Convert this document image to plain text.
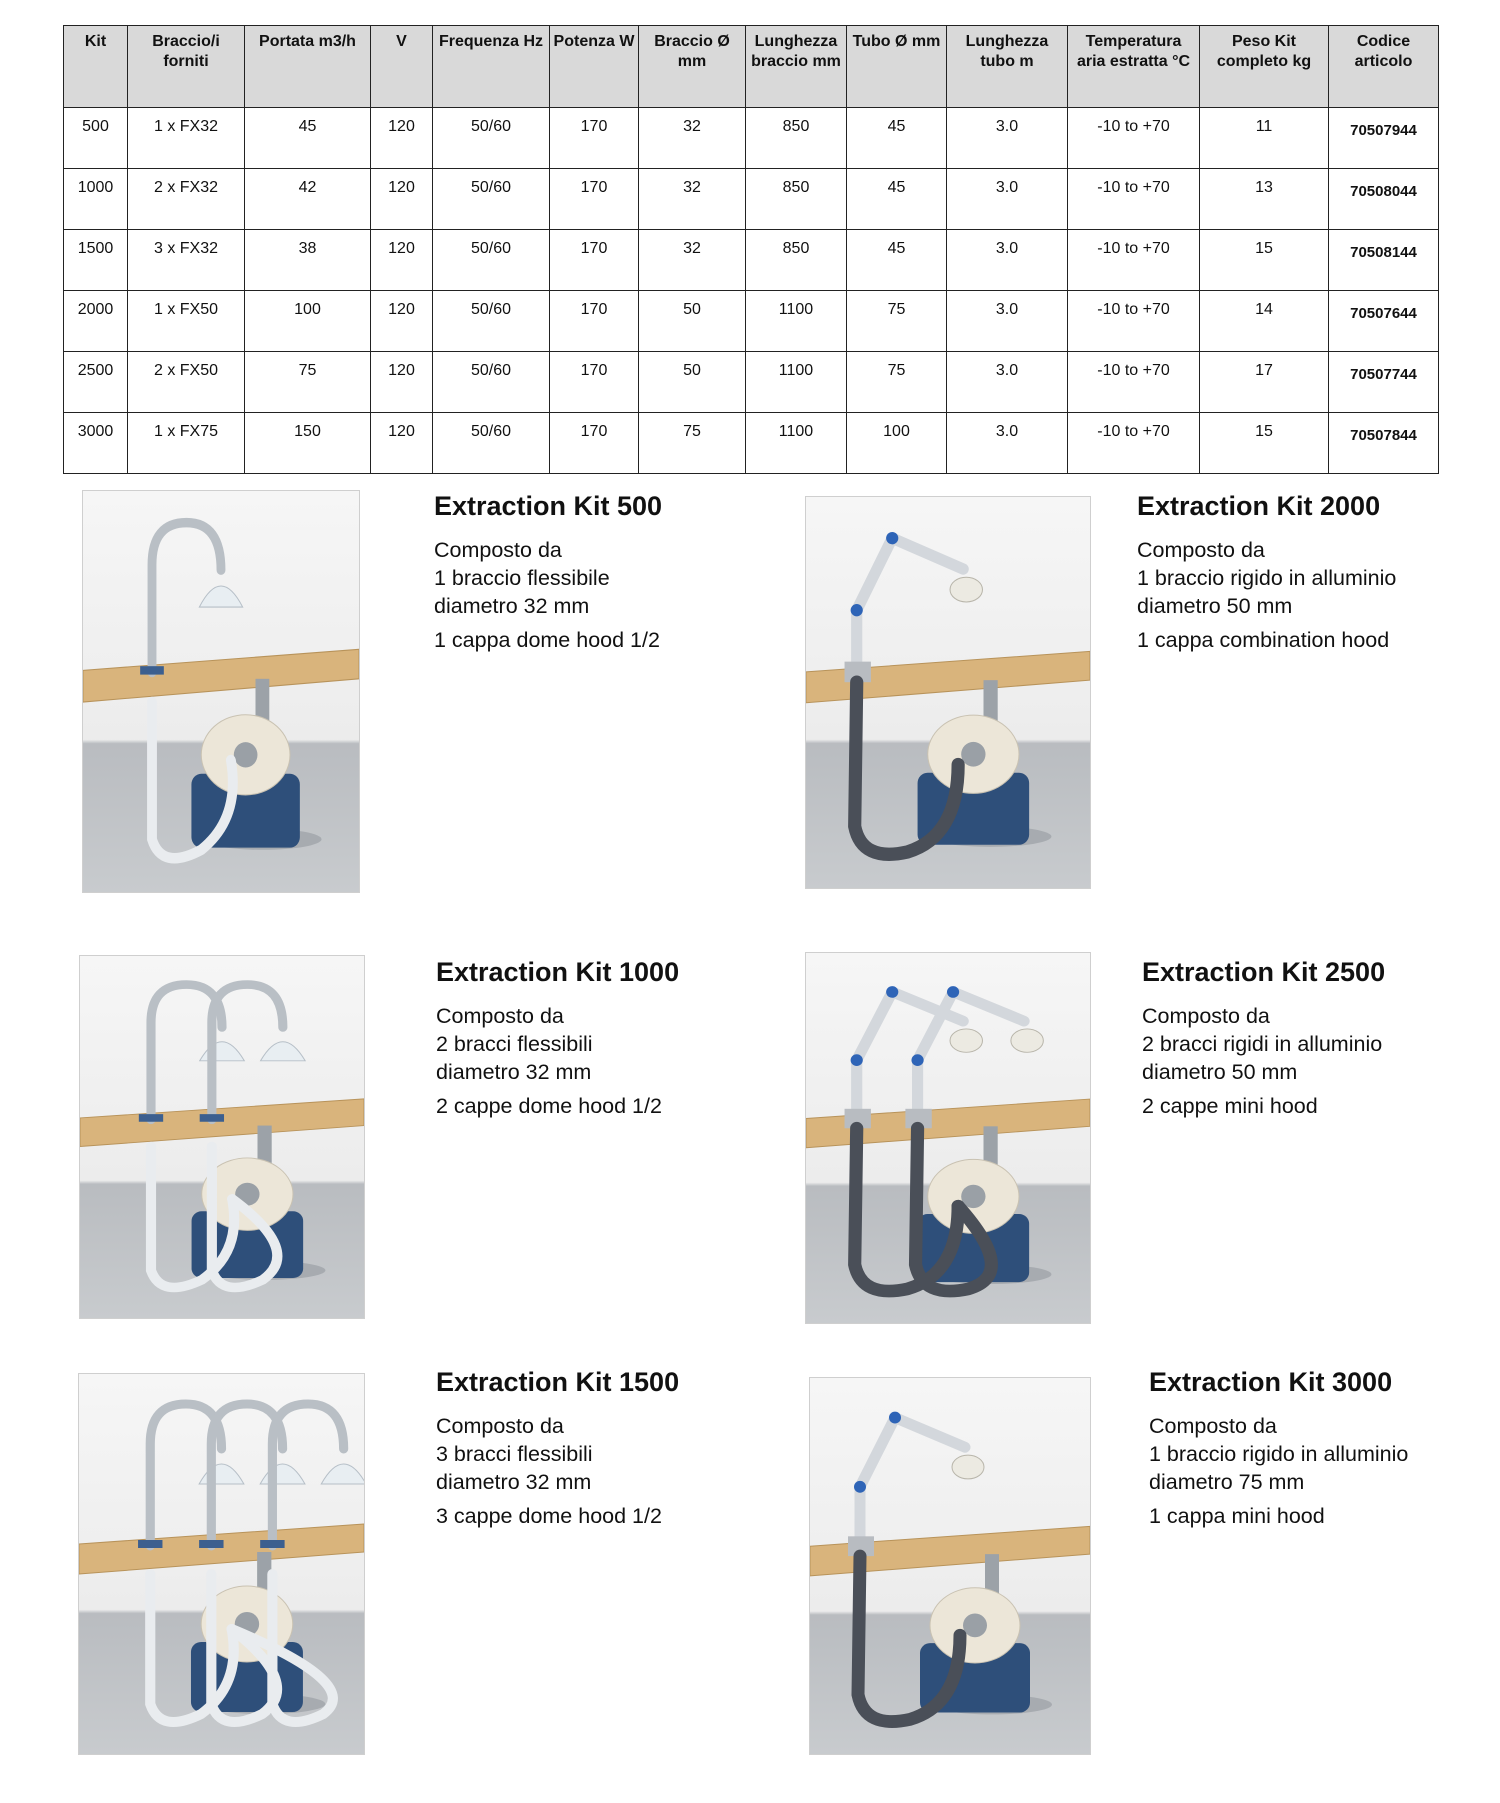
Kit	Braccio/i forniti	Portata m3/h	V	Frequenza Hz	Potenza W	Braccio Ø mm	Lunghezza braccio mm	Tubo Ø mm	Lunghezza tubo m	Temperatura aria estratta °C	Peso Kit completo kg	Codice articolo
500	1 x FX32	45	120	50/60	170	32	850	45	3.0	-10 to +70	11	70507944
1000	2 x FX32	42	120	50/60	170	32	850	45	3.0	-10 to +70	13	70508044
1500	3 x FX32	38	120	50/60	170	32	850	45	3.0	-10 to +70	15	70508144
2000	1 x FX50	100	120	50/60	170	50	1100	75	3.0	-10 to +70	14	70507644
2500	2 x FX50	75	120	50/60	170	50	1100	75	3.0	-10 to +70	17	70507744
3000	1 x FX75	150	120	50/60	170	75	1100	100	3.0	-10 to +70	15	70507844
Extraction Kit 500
Composto da
1 braccio flessibile
diametro 32 mm
1 cappa dome hood 1/2
Extraction Kit 2000
Composto da
1 braccio rigido in alluminio
diametro 50 mm
1 cappa combination hood
Extraction Kit 1000
Composto da
2 bracci flessibili
diametro 32 mm
2 cappe dome hood 1/2
Extraction Kit 2500
Composto da
2 bracci rigidi in alluminio
diametro 50 mm
2 cappe mini hood
Extraction Kit 1500
Composto da
3 bracci flessibili
diametro 32 mm
3 cappe dome hood 1/2
Extraction Kit 3000
Composto da
1 braccio rigido in alluminio
diametro 75 mm
1 cappa mini hood
